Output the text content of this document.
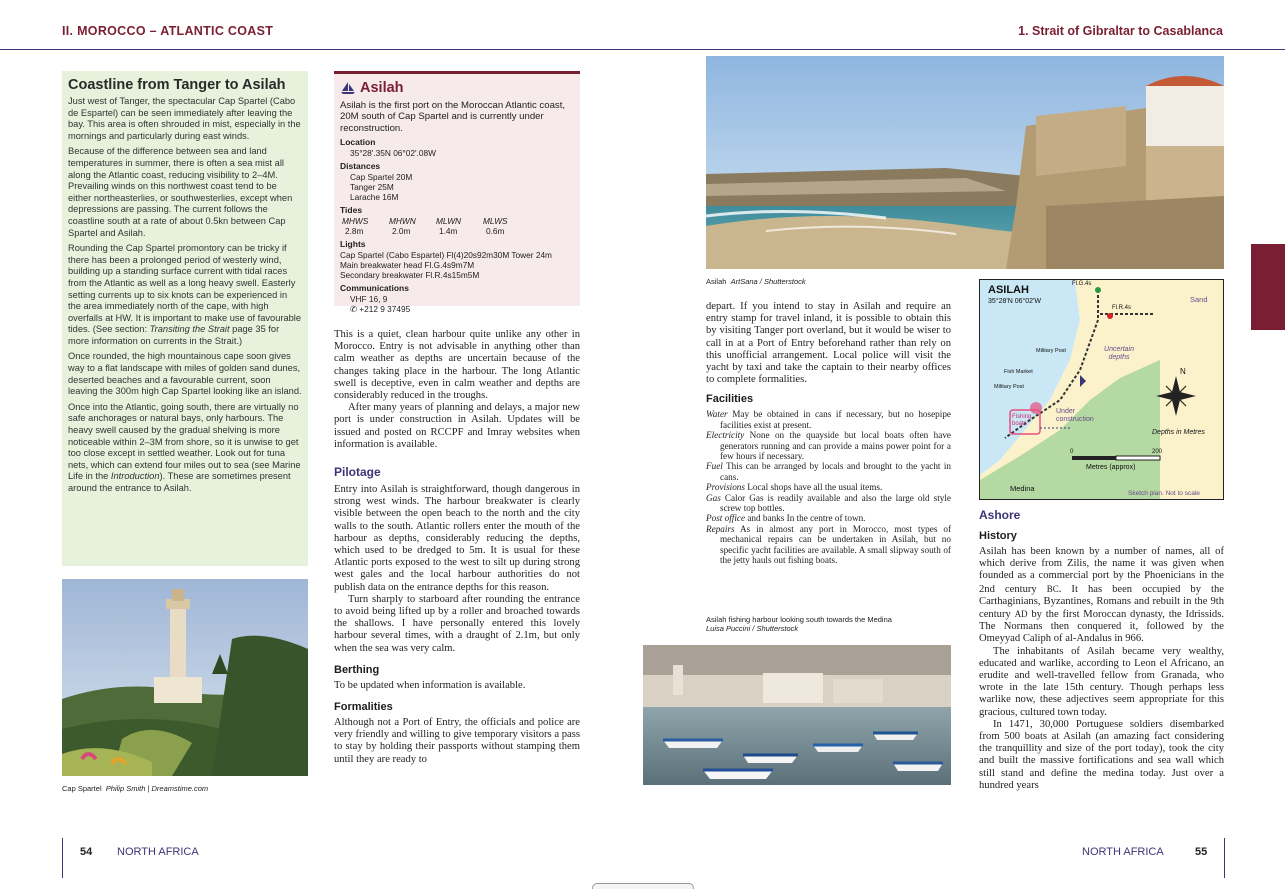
II. MOROCCO – ATLANTIC COAST	1. Strait of Gibraltar to Casablanca
Coastline from Tanger to Asilah

Just west of Tanger, the spectacular Cap Spartel (Cabo de Espartel) can be seen immediately after leaving the bay. This area is often shrouded in mist, especially in the mornings and particularly during east winds.

Because of the difference between sea and land temperatures in summer, there is often a sea mist all along the Atlantic coast, reducing visibility to 2–4M. Prevailing winds on this northwest coast tend to be either northeasterlies, or southwesterlies, except when depressions are passing. The current follows the coastline south at a rate of about 0.5kn between Cap Spartel and Asilah.

Rounding the Cap Spartel promontory can be tricky if there has been a prolonged period of westerly wind, building up a standing surface current with tidal races from the Atlantic as well as a long heavy swell. Easterly setting currents up to six knots can be experienced in the area immediately north of the cape, with high overfalls at HW. It is important to make use of favourable tides. (See section: Transiting the Strait page 35 for more information on currents in the Strait.)

Once rounded, the high mountainous cape soon gives way to a flat landscape with miles of golden sand dunes, deserted beaches and a favourable current, soon leaving the 300m high Cap Spartel looking like an island.

Once into the Atlantic, going south, there are virtually no safe anchorages or natural bays, only harbours. The heavy swell caused by the gradual shelving is more noticeable within 2–3M from shore, so it is unwise to get too close except in settled weather. Look out for tuna nets, which can extend four miles out to sea (see Marine Life in the Introduction). These are sometimes present around the entrance to Asilah.

Cap Spartel Philip Smith | Dreamstime.com
Asilah
Asilah is the first port on the Moroccan Atlantic coast, 20M south of Cap Spartel and is currently under reconstruction.
Location
35°28'.35N 06°02'.08W
Distances
Cap Spartel 20M
Tanger 25M
Larache 16M
Tides
MHWS	MHWN	MLWN	MLWS
2.8m	2.0m	1.4m	0.6m
Lights
Cap Spartel (Cabo Espartel) Fl(4)20s92m30M Tower 24m
Main breakwater head Fl.G.4s9m7M
Secondary breakwater Fl.R.4s15m5M
Communications
VHF 16, 9
✆ +212 9 37495

This is a quiet, clean harbour quite unlike any other in Morocco. Entry is not advisable in anything other than calm weather as depths are uncertain because of the changes taking place in the harbour. The long Atlantic swell is deceptive, even in calm weather and depths are considerably reduced in the troughs.

After many years of planning and delays, a major new port is under construction in Asilah. Updates will be issued and posted on RCCPF and Imray websites when information is available.

Pilotage

Entry into Asilah is straightforward, though dangerous in strong west winds. The harbour breakwater is clearly visible between the open beach to the north and the city walls to the south. Atlantic rollers enter the mouth of the harbour as depths, considerably reducing the depths, which used to be dredged to 5m. It is usual for these Atlantic ports exposed to the west to silt up during strong west gales and the local harbour authorities do not publish data on the entrance depths for this reason.

Turn sharply to starboard after rounding the entrance to avoid being lifted up by a roller and broached towards the shallows. I have personally entered this lovely harbour several times, with a draught of 2.1m, but only when the sea was very calm.

Berthing

To be updated when information is available.

Formalities

Although not a Port of Entry, the officials and police are very friendly and willing to give temporary visitors a pass to stay by holding their passports without stamping them until they are ready to

Asilah ArtSana / Shutterstock

depart. If you intend to stay in Asilah and require an entry stamp for travel inland, it is possible to obtain this by visiting Tanger port overland, but it would be wiser to call in at a Port of Entry beforehand rather than rely on this unofficial arrangement. Local police will visit the yacht by taxi and take the captain to their nearby offices to complete formalities.

Facilities

Water May be obtained in cans if necessary, but no hosepipe facilities exist at present.

Electricity None on the quayside but local boats often have generators running and can provide a mains power point for a few hours if necessary.

Fuel This can be arranged by locals and brought to the yacht in cans.

Provisions Local shops have all the usual items.

Gas Calor Gas is readily available and also the large old style screw top bottles.

Post office and banks In the centre of town.

Repairs As in almost any port in Morocco, most types of mechanical repairs can be undertaken in Asilah, but no specific yacht facilities are available. A small slipway south of the jetty hauls out fishing boats.

Asilah fishing harbour looking south towards the Medina
Luisa Puccini / Shutterstock
ASILAH
35°28'N 06°02'W
Fl.G.4s
Fl.R.4s
Sand
Military Post	Uncertain depths
Fish Market
Military Post
Fishing boats
Under construction
N
Depths in Metres
0	200
Metres (approx)
Medina
Sketch plan. Not to scale
Ashore
History

Asilah has been known by a number of names, all of which derive from Zilis, the name it was given when founded as a commercial port by the Phoenicians in the 2nd century BC. It has been occupied by the Carthaginians, Byzantines, Romans and rebuilt in the 9th century AD by the first Moroccan dynasty, the Idrissids. The Normans then conquered it, followed by the Omeyyad Caliph of al-Andalus in 966.

The inhabitants of Asilah became very wealthy, educated and warlike, according to Leon el Africano, an erudite and well-travelled fellow from Granada, who wrote in the late 15th century. Though perhaps less warlike now, these adjectives seem appropriate for this gracious, cultured town today.

In 1471, 30,000 Portuguese soldiers disembarked from 500 boats at Asilah (an amazing fact considering the tranquillity and size of the port today), took the city and built the massive fortifications and sea wall which still stand and define the medina today. Just over a hundred years

54 NORTH AFRICA	NORTH AFRICA	55
